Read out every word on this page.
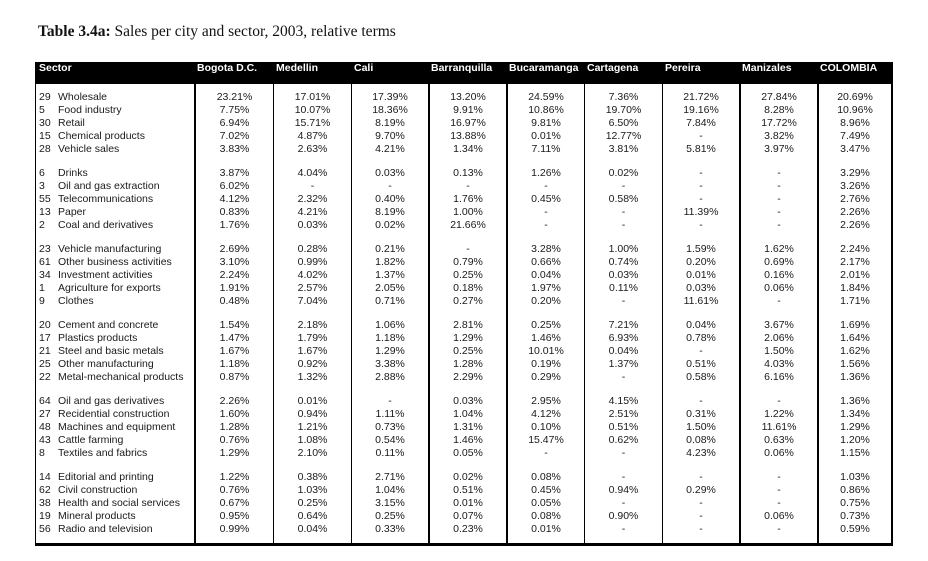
Table 3.4a: Sales per city and sector, 2003, relative terms
Sector	Bogota D.C.	Medellin	Cali	Barranquilla	Bucaramanga Cartagena	Pereira	Manizales	COLOMBIA
29 Wholesale	23.21%	17.01%	17.39%	13.20%	24.59%	7.36%	21.72%	27.84%	20.69%
5	Food industry	7.75%	10.07%	18.36%	9.91%	10.86%	19.70%	19.16%	8.28%	10.96%
30 Retail	6.94%	15.71%	8.19%	16.97%	9.81%	6.50%	7.84%	17.72%	8.96%
15 Chemical products	7.02%	4.87%	9.70%	13.88%	0.01%	12.77%	-	3.82%	7.49%
28 Vehicle sales	3.83%	2.63%	4.21%	1.34%	7.11%	3.81%	5.81%	3.97%	3.47%
6	Drinks	3.87%	4.04%	0.03%	0.13%	1.26%	0.02%	-	-	3.29%
3	Oil and gas extraction	6.02%	-	-	-	-	-	-	-	3.26%
55 Telecommunications	4.12%	2.32%	0.40%	1.76%	0.45%	0.58%	-	-	2.76%
13 Paper	0.83%	4.21%	8.19%	1.00%	-	-	11.39%	-	2.26%
2	Coal and derivatives	1.76%	0.03%	0.02%	21.66%	-	-	-	-	2.26%
23 Vehicle manufacturing	2.69%	0.28%	0.21%	-	3.28%	1.00%	1.59%	1.62%	2.24%
61 Other business activities	3.10%	0.99%	1.82%	0.79%	0.66%	0.74%	0.20%	0.69%	2.17%
34 Investment activities	2.24%	4.02%	1.37%	0.25%	0.04%	0.03%	0.01%	0.16%	2.01%
1	Agriculture for exports	1.91%	2.57%	2.05%	0.18%	1.97%	0.11%	0.03%	0.06%	1.84%
9	Clothes	0.48%	7.04%	0.71%	0.27%	0.20%	-	11.61%	-	1.71%
20 Cement and concrete	1.54%	2.18%	1.06%	2.81%	0.25%	7.21%	0.04%	3.67%	1.69%
17 Plastics products	1.47%	1.79%	1.18%	1.29%	1.46%	6.93%	0.78%	2.06%	1.64%
21 Steel and basic metals	1.67%	1.67%	1.29%	0.25%	10.01%	0.04%	-	1.50%	1.62%
25 Other manufacturing	1.18%	0.92%	3.38%	1.28%	0.19%	1.37%	0.51%	4.03%	1.56%
22 Metal-mechanical products	0.87%	1.32%	2.88%	2.29%	0.29%	-	0.58%	6.16%	1.36%
64 Oil and gas derivatives	2.26%	0.01%	-	0.03%	2.95%	4.15%	-	-	1.36%
27 Recidential construction	1.60%	0.94%	1.11%	1.04%	4.12%	2.51%	0.31%	1.22%	1.34%
48 Machines and equipment	1.28%	1.21%	0.73%	1.31%	0.10%	0.51%	1.50%	11.61%	1.29%
43 Cattle farming	0.76%	1.08%	0.54%	1.46%	15.47%	0.62%	0.08%	0.63%	1.20%
8	Textiles and fabrics	1.29%	2.10%	0.11%	0.05%	-	-	4.23%	0.06%	1.15%
14 Editorial and printing	1.22%	0.38%	2.71%	0.02%	0.08%	-	-	-	1.03%
62 Civil construction	0.76%	1.03%	1.04%	0.51%	0.45%	0.94%	0.29%	-	0.86%
38 Health and social services	0.67%	0.25%	3.15%	0.01%	0.05%	-	-	-	0.75%
19 Mineral products	0.95%	0.64%	0.25%	0.07%	0.08%	0.90%	-	0.06%	0.73%
56 Radio and television	0.99%	0.04%	0.33%	0.23%	0.01%	-	-	-	0.59%
